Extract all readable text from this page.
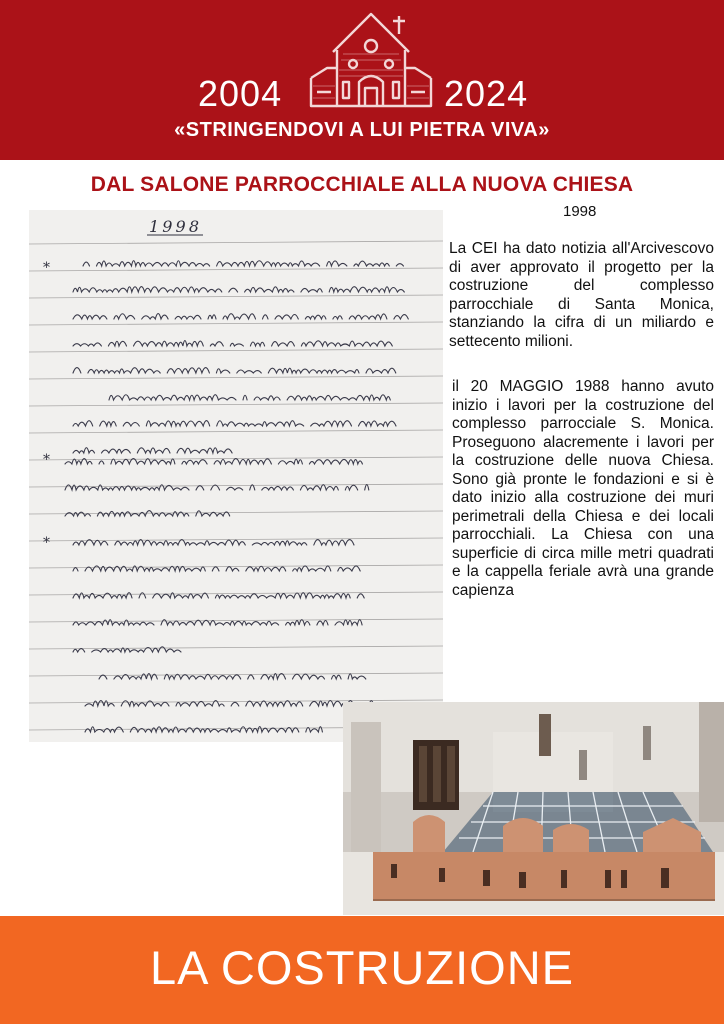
2004	2024
«STRINGENDOVI A LUI PIETRA VIVA»
DAL SALONE PARROCCHIALE ALLA NUOVA CHIESA
1998
1998
*
*
*
La CEI ha dato notizia all'Arcivescovo di aver approvato il progetto per la costruzione del complesso parrocchiale di Santa Monica, stanziando la cifra di un miliardo e settecento milioni.
il 20 MAGGIO 1988 hanno avuto inizio i lavori per la costruzione del complesso parrocciale S. Monica. Proseguono alacremente i lavori per la costruzione delle nuova Chiesa. Sono già pronte le fondazioni e si è dato inizio alla costruzione dei muri perimetrali della Chiesa e dei locali parrocchiali. La Chiesa con una superficie di circa mille metri quadrati e la cappella feriale avrà una grande capienza
LA COSTRUZIONE
